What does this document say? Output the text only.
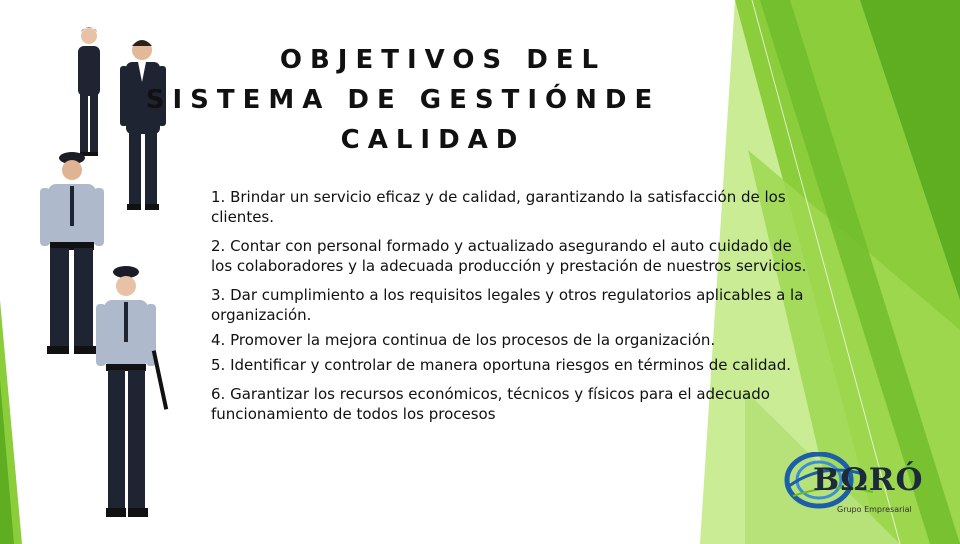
OBJETIVOS DEL
SISTEMA DE GESTIÓNDE
CALIDAD
1. Brindar un servicio eficaz y de calidad, garantizando la satisfacción de los clientes.
2. Contar con personal formado y actualizado asegurando el auto cuidado de los colaboradores y la adecuada producción y prestación de nuestros servicios.
3. Dar cumplimiento a los requisitos legales y otros regulatorios aplicables a la organización.
4. Promover la mejora continua de los procesos de la organización.
5. Identificar y controlar de manera oportuna riesgos en términos de calidad.
6. Garantizar los recursos económicos, técnicos y físicos para el adecuado funcionamiento de todos los procesos
BΩRÓ
Grupo Empresarial
